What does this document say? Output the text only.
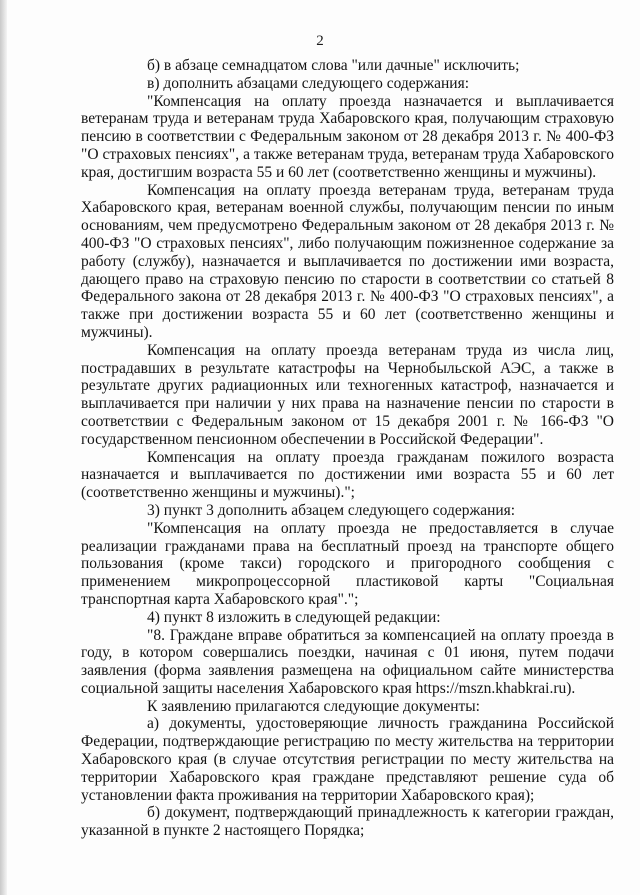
2

б) в абзаце семнадцатом слова "или дачные" исключить;

в) дополнить абзацами следующего содержания:

"Компенсация на оплату проезда назначается и выплачивается ветеранам труда и ветеранам труда Хабаровского края, получающим страховую пенсию в соответствии с Федеральным законом от 28 декабря 2013 г. № 400-ФЗ "О страховых пенсиях", а также ветеранам труда, ветеранам труда Хабаровского края, достигшим возраста 55 и 60 лет (соответственно женщины и мужчины).

Компенсация на оплату проезда ветеранам труда, ветеранам труда Хабаровского края, ветеранам военной службы, получающим пенсии по иным основаниям, чем предусмотрено Федеральным законом от 28 декабря 2013 г. № 400-ФЗ "О страховых пенсиях", либо получающим пожизненное содержание за работу (службу), назначается и выплачивается по достижении ими возраста, дающего право на страховую пенсию по старости в соответствии со статьей 8 Федерального закона от 28 декабря 2013 г. № 400-ФЗ "О страховых пенсиях", а также при достижении возраста 55 и 60 лет (соответственно женщины и мужчины).

Компенсация на оплату проезда ветеранам труда из числа лиц, пострадавших в результате катастрофы на Чернобыльской АЭС, а также в результате других радиационных или техногенных катастроф, назначается и выплачивается при наличии у них права на назначение пенсии по старости в соответствии с Федеральным законом от 15 декабря 2001 г. № 166-ФЗ "О государственном пенсионном обеспечении в Российской Федерации".

Компенсация на оплату проезда гражданам пожилого возраста назначается и выплачивается по достижении ими возраста 55 и 60 лет (соответственно женщины и мужчины).";

3) пункт 3 дополнить абзацем следующего содержания:

"Компенсация на оплату проезда не предоставляется в случае реализации гражданами права на бесплатный проезд на транспорте общего пользования (кроме такси) городского и пригородного сообщения с применением микропроцессорной пластиковой карты "Социальная транспортная карта Хабаровского края".";

4) пункт 8 изложить в следующей редакции:

"8. Граждане вправе обратиться за компенсацией на оплату проезда в году, в котором совершались поездки, начиная с 01 июня, путем подачи заявления (форма заявления размещена на официальном сайте министерства социальной защиты населения Хабаровского края https://mszn.khabkrai.ru).

К заявлению прилагаются следующие документы:

а) документы, удостоверяющие личность гражданина Российской Федерации, подтверждающие регистрацию по месту жительства на территории Хабаровского края (в случае отсутствия регистрации по месту жительства на территории Хабаровского края граждане представляют решение суда об установлении факта проживания на территории Хабаровского края);

б) документ, подтверждающий принадлежность к категории граждан, указанной в пункте 2 настоящего Порядка;
